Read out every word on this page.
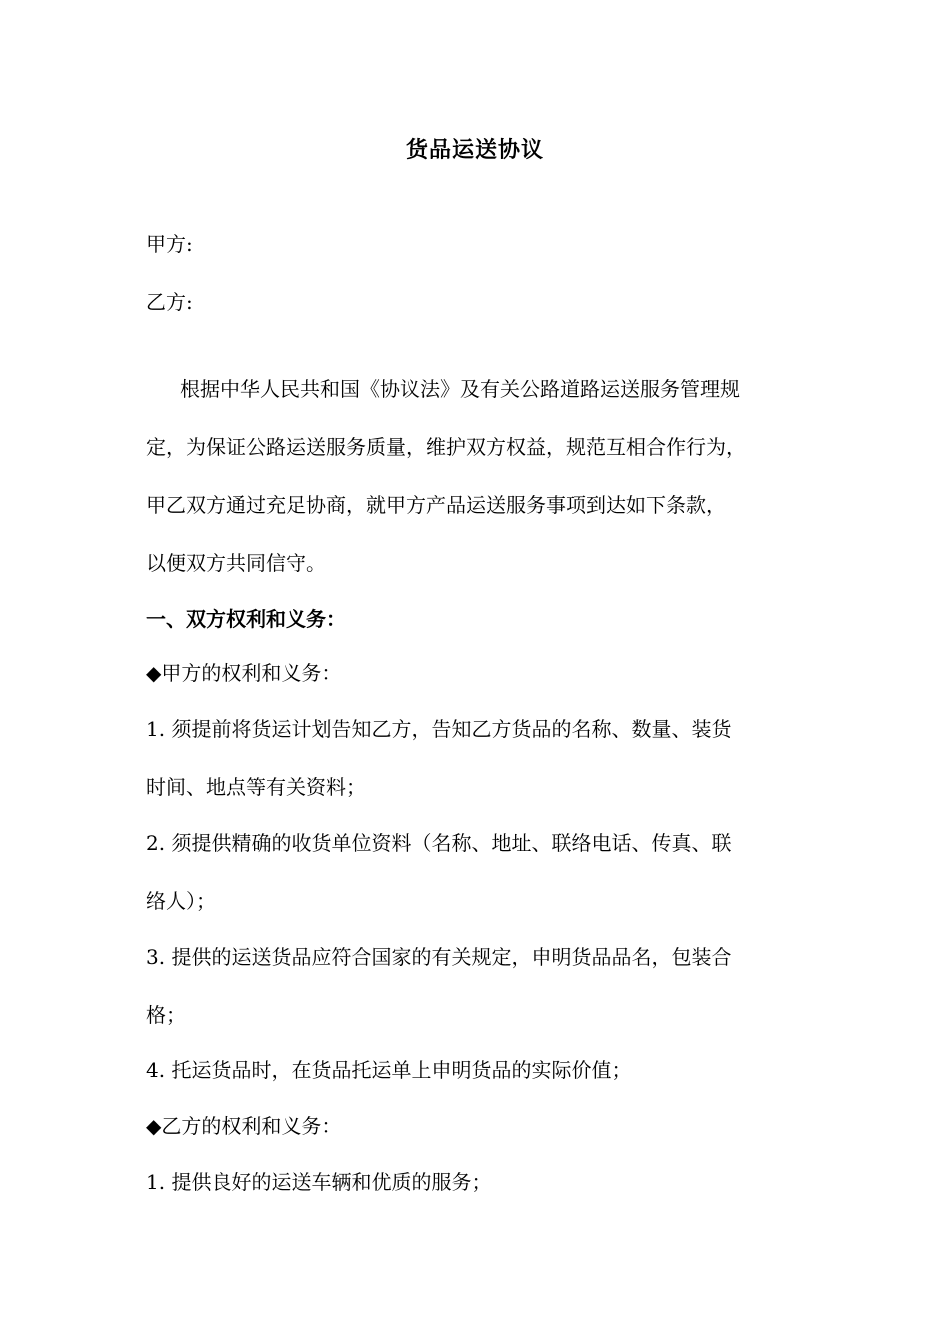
货品运送协议
甲方:
乙方:
根据中华人民共和国《协议法》及有关公路道路运送服务管理规
定，为保证公路运送服务质量，维护双方权益，规范互相合作行为，
甲乙双方通过充足协商，就甲方产品运送服务事项到达如下条款，
以便双方共同信守。
一、双方权利和义务：
◆甲方的权利和义务：
1. 须提前将货运计划告知乙方，告知乙方货品的名称、数量、装货
时间、地点等有关资料；
2. 须提供精确的收货单位资料（名称、地址、联络电话、传真、联
络人）；
3. 提供的运送货品应符合国家的有关规定，申明货品品名，包装合
格；
4. 托运货品时，在货品托运单上申明货品的实际价值；
◆乙方的权利和义务：
1. 提供良好的运送车辆和优质的服务；
